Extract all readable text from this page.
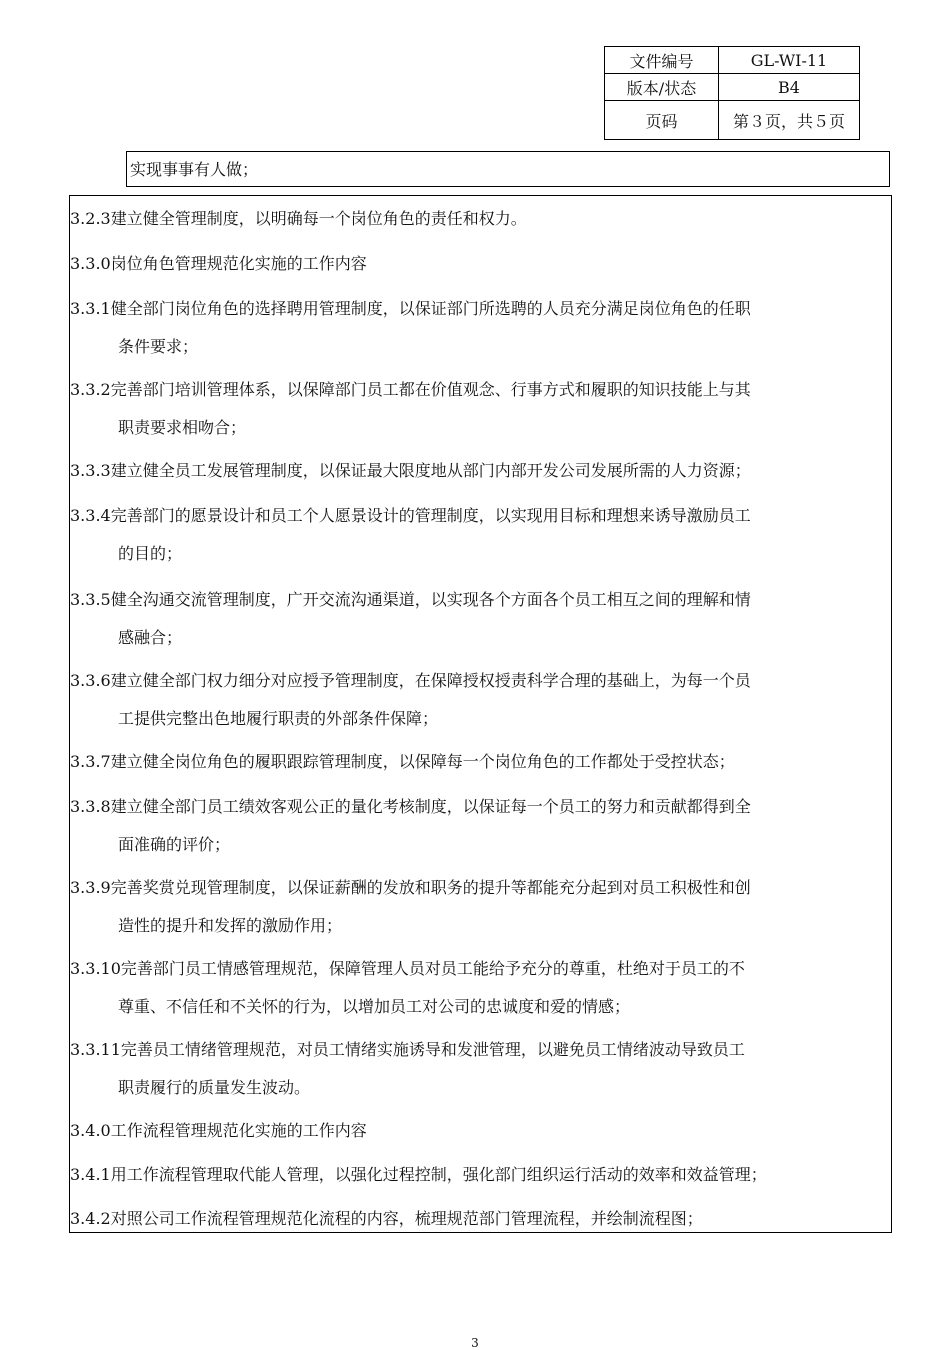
文件编号	GL-WI-11
版本/状态	B4
页码	第３页，共５页
实现事事有人做；
3.2.3建立健全管理制度，以明确每一个岗位角色的责任和权力。
3.3.0岗位角色管理规范化实施的工作内容
3.3.1健全部门岗位角色的选择聘用管理制度，以保证部门所选聘的人员充分满足岗位角色的任职
条件要求；
3.3.2完善部门培训管理体系，以保障部门员工都在价值观念、行事方式和履职的知识技能上与其
职责要求相吻合；
3.3.3建立健全员工发展管理制度，以保证最大限度地从部门内部开发公司发展所需的人力资源；
3.3.4完善部门的愿景设计和员工个人愿景设计的管理制度，以实现用目标和理想来诱导激励员工
的目的；
3.3.5健全沟通交流管理制度，广开交流沟通渠道，以实现各个方面各个员工相互之间的理解和情
感融合；
3.3.6建立健全部门权力细分对应授予管理制度，在保障授权授责科学合理的基础上，为每一个员
工提供完整出色地履行职责的外部条件保障；
3.3.7建立健全岗位角色的履职跟踪管理制度，以保障每一个岗位角色的工作都处于受控状态；
3.3.8建立健全部门员工绩效客观公正的量化考核制度，以保证每一个员工的努力和贡献都得到全
面准确的评价；
3.3.9完善奖赏兑现管理制度，以保证薪酬的发放和职务的提升等都能充分起到对员工积极性和创
造性的提升和发挥的激励作用；
3.3.10完善部门员工情感管理规范，保障管理人员对员工能给予充分的尊重，杜绝对于员工的不
尊重、不信任和不关怀的行为，以增加员工对公司的忠诚度和爱的情感；
3.3.11完善员工情绪管理规范，对员工情绪实施诱导和发泄管理，以避免员工情绪波动导致员工
职责履行的质量发生波动。
3.4.0工作流程管理规范化实施的工作内容
3.4.1用工作流程管理取代能人管理，以强化过程控制，强化部门组织运行活动的效率和效益管理；
3.4.2对照公司工作流程管理规范化流程的内容，梳理规范部门管理流程，并绘制流程图；
3
